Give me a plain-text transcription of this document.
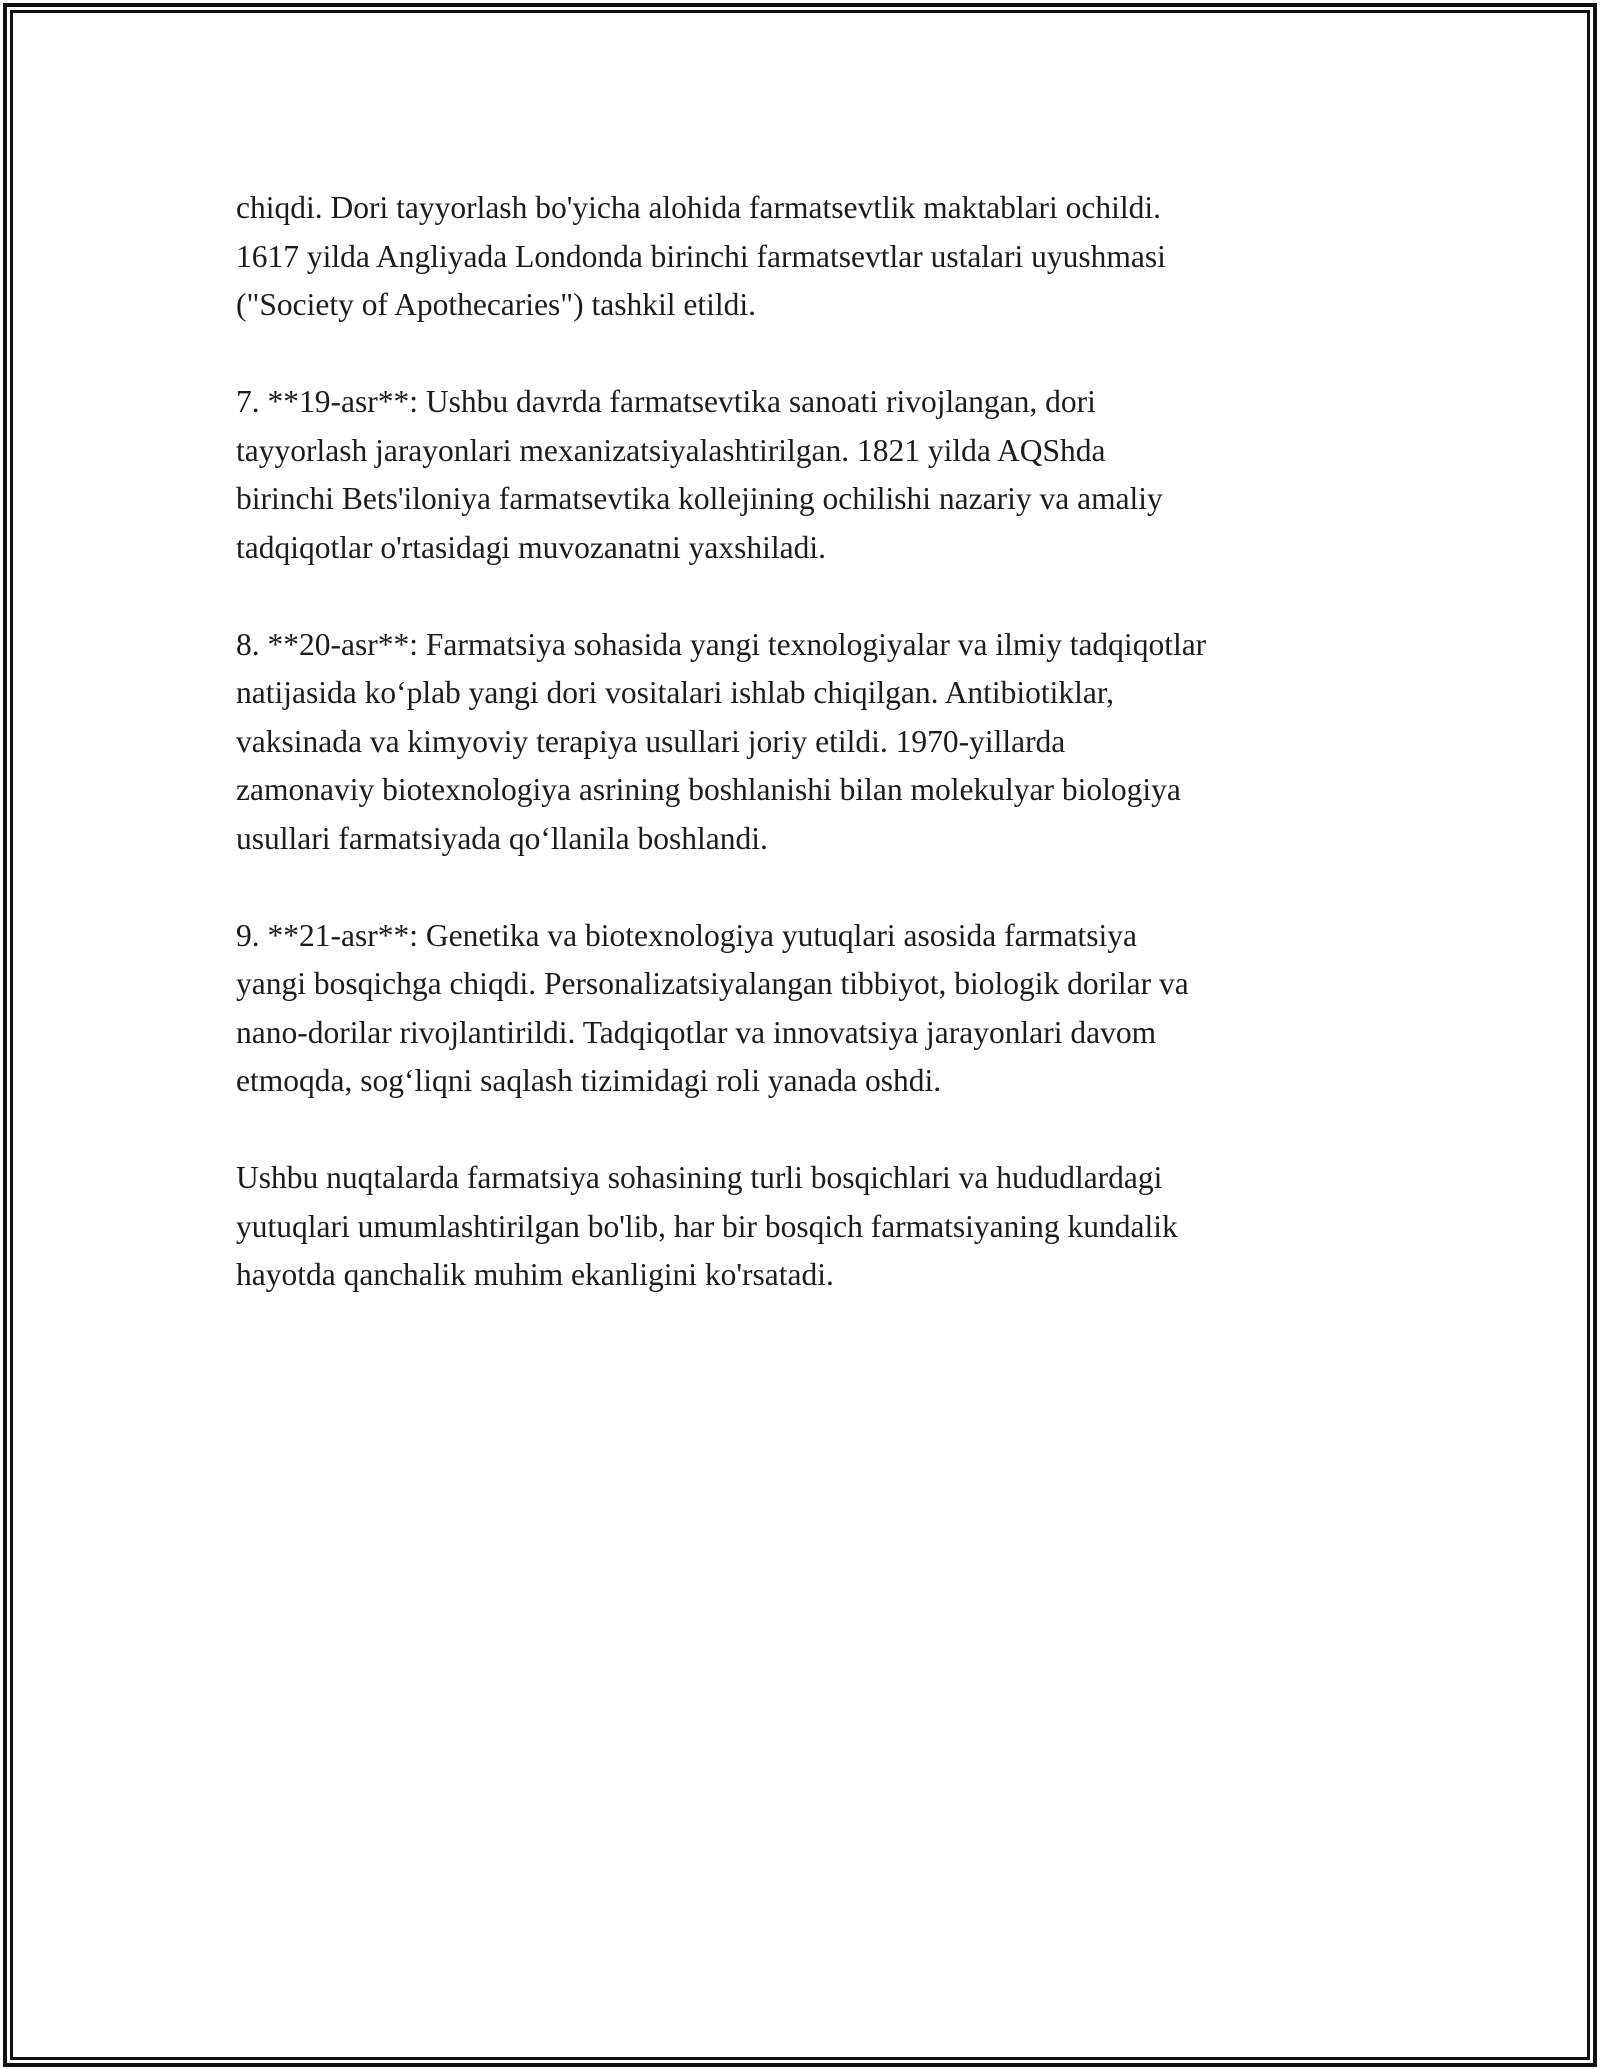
chiqdi. Dori tayyorlash bo'yicha alohida farmatsevtlik maktablari ochildi.
1617 yilda Angliyada Londonda birinchi farmatsevtlar ustalari uyushmasi
("Society of Apothecaries") tashkil etildi.

7. **19-asr**: Ushbu davrda farmatsevtika sanoati rivojlangan, dori
tayyorlash jarayonlari mexanizatsiyalashtirilgan. 1821 yilda AQShda
birinchi Bets'iloniya farmatsevtika kollejining ochilishi nazariy va amaliy
tadqiqotlar o'rtasidagi muvozanatni yaxshiladi.

8. **20-asr**: Farmatsiya sohasida yangi texnologiyalar va ilmiy tadqiqotlar
natijasida ko‘plab yangi dori vositalari ishlab chiqilgan. Antibiotiklar,
vaksinada va kimyoviy terapiya usullari joriy etildi. 1970-yillarda
zamonaviy biotexnologiya asrining boshlanishi bilan molekulyar biologiya
usullari farmatsiyada qo‘llanila boshlandi.

9. **21-asr**: Genetika va biotexnologiya yutuqlari asosida farmatsiya
yangi bosqichga chiqdi. Personalizatsiyalangan tibbiyot, biologik dorilar va
nano-dorilar rivojlantirildi. Tadqiqotlar va innovatsiya jarayonlari davom
etmoqda, sog‘liqni saqlash tizimidagi roli yanada oshdi.

Ushbu nuqtalarda farmatsiya sohasining turli bosqichlari va hududlardagi
yutuqlari umumlashtirilgan bo'lib, har bir bosqich farmatsiyaning kundalik
hayotda qanchalik muhim ekanligini ko'rsatadi.
